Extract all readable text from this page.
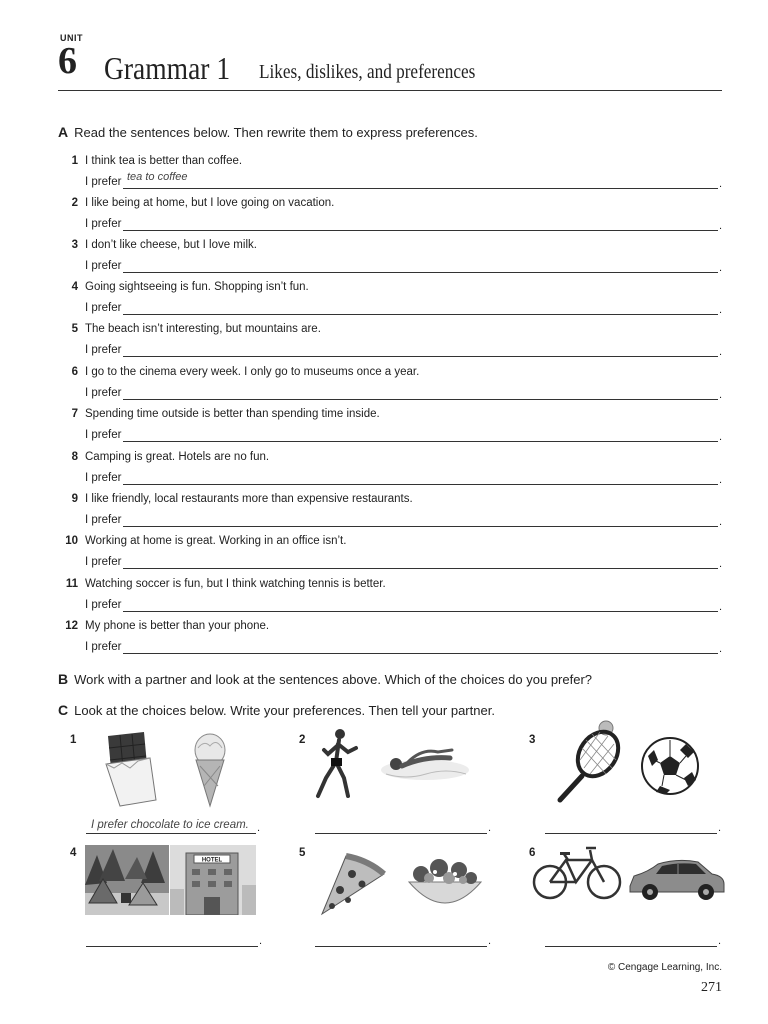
UNIT
6 Grammar 1 Likes, dislikes, and preferences
A Read the sentences below. Then rewrite them to express preferences.
1 I think tea is better than coffee.
I prefer tea to coffee
.
2 I like being at home, but I love going on vacation.
I prefer	.
3 I don’t like cheese, but I love milk.
I prefer	.
4 Going sightseeing is fun. Shopping isn’t fun.
I prefer	.
5 The beach isn’t interesting, but mountains are.
I prefer	.
6 I go to the cinema every week. I only go to museums once a year.
I prefer	.
7 Spending time outside is better than spending time inside.
I prefer	.
8 Camping is great. Hotels are no fun.
I prefer	.
9 I like friendly, local restaurants more than expensive restaurants.
I prefer	.
10 Working at home is great. Working in an office isn’t.
I prefer	.
11 Watching soccer is fun, but I think watching tennis is better.
I prefer	.
12 My phone is better than your phone.
I prefer	.
B Work with a partner and look at the sentences above. Which of the choices do you prefer?
C Look at the choices below. Write your preferences. Then tell your partner.
1
I prefer chocolate to ice cream. .
2
.
3
.
4
HOTEL
.
5
.
6
.
© Cengage Learning, Inc.
271
